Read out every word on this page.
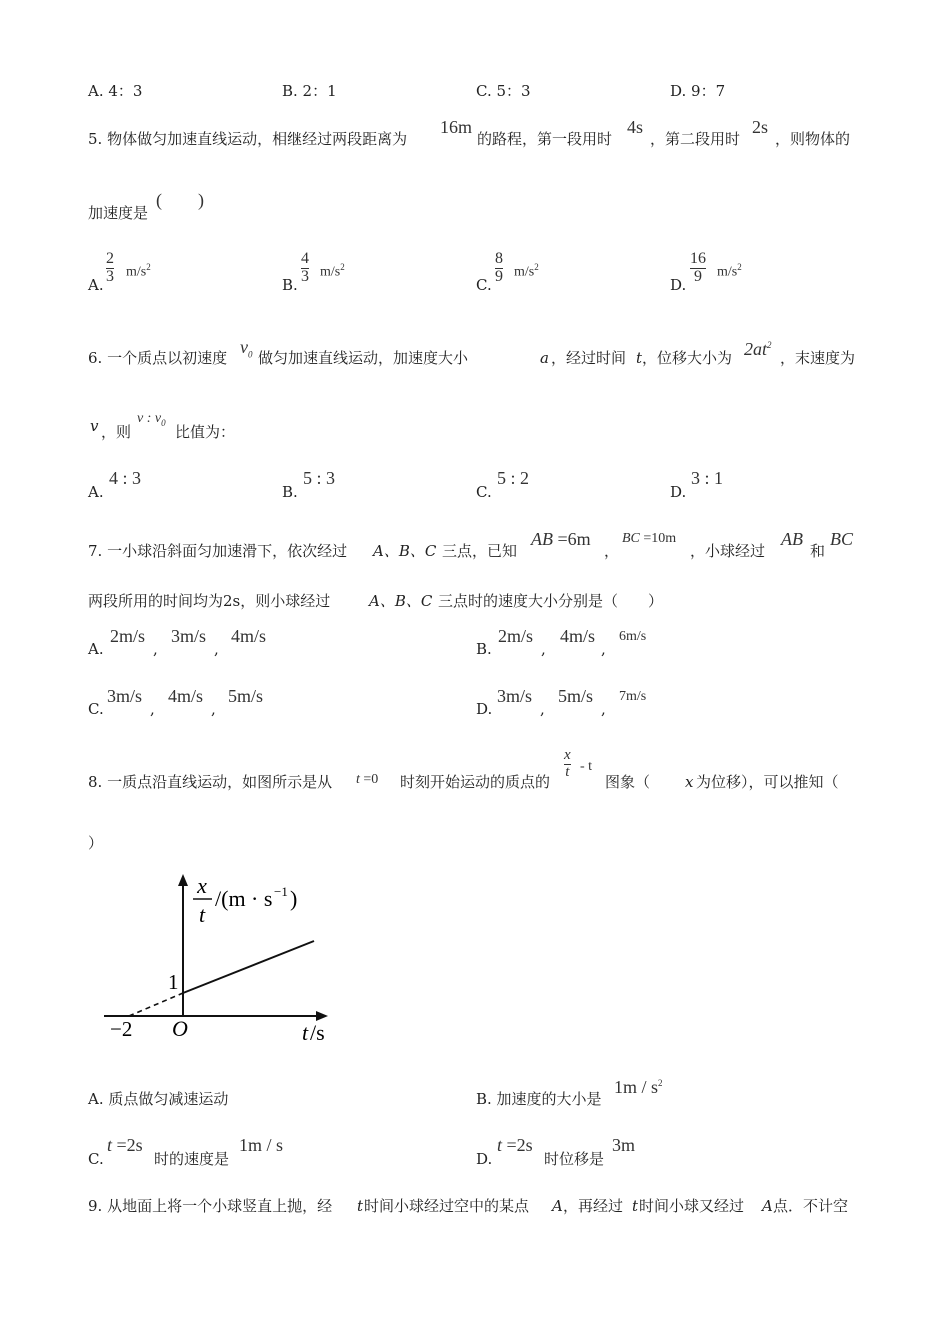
A. 4：3	B. 2：1	C. 5：3	D. 9：7
5. 物体做匀加速直线运动，相继经过两段距离为
16m
的路程，第一段用时
4s
，第二段用时
2s
，则物体的
加速度是
(　　)
A.
2
3 $m/s^2$
B.
4
3 $m/s^2$
C.
8
9 $m/s^2$
D.
16
9 $m/s^2$
6. 一个质点以初速度
$v_0$ 做匀加速直线运动，加速度大小	a ，经过时间 t ，位移大小为 $2at^2$
，末速度为
v ，则
v : $v_0$
比值为：
A.
4 : 3
B.
5 : 3
C.
5 : 2
D.
3 : 1
7. 一小球沿斜面匀加速滑下，依次经过 A、B、C 三点，已知
AB =6m
，
BC =10m
，小球经过
AB
和
BC
两段所用的时间均为2s，则小球经过	A、B、C 三点时的速度大小分别是（　　）
A.
2m/s
,
3m/s
,
4m/s
B.
2m/s
,
4m/s
,
6m/s
C.
3m/s
,
4m/s
,
5m/s
D.
3m/s
,
5m/s
,
7m/s
8. 一质点沿直线运动，如图所示是从 t =0 时刻开始运动的质点的
x
t - t
图象（ x 为位移），可以推知（
）
x
t
/(m · s −1 )
1
−2 O	t /s
A. 质点做匀减速运动	B. 加速度的大小是
$1m / s^2$
C.
t =2s
时的速度是
1m / s
D.
t =2s
时位移是
3m
9. 从地面上将一个小球竖直上抛，经 t 时间小球经过空中的某点 A ，再经过 t 时间小球又经过 A 点．不计空
